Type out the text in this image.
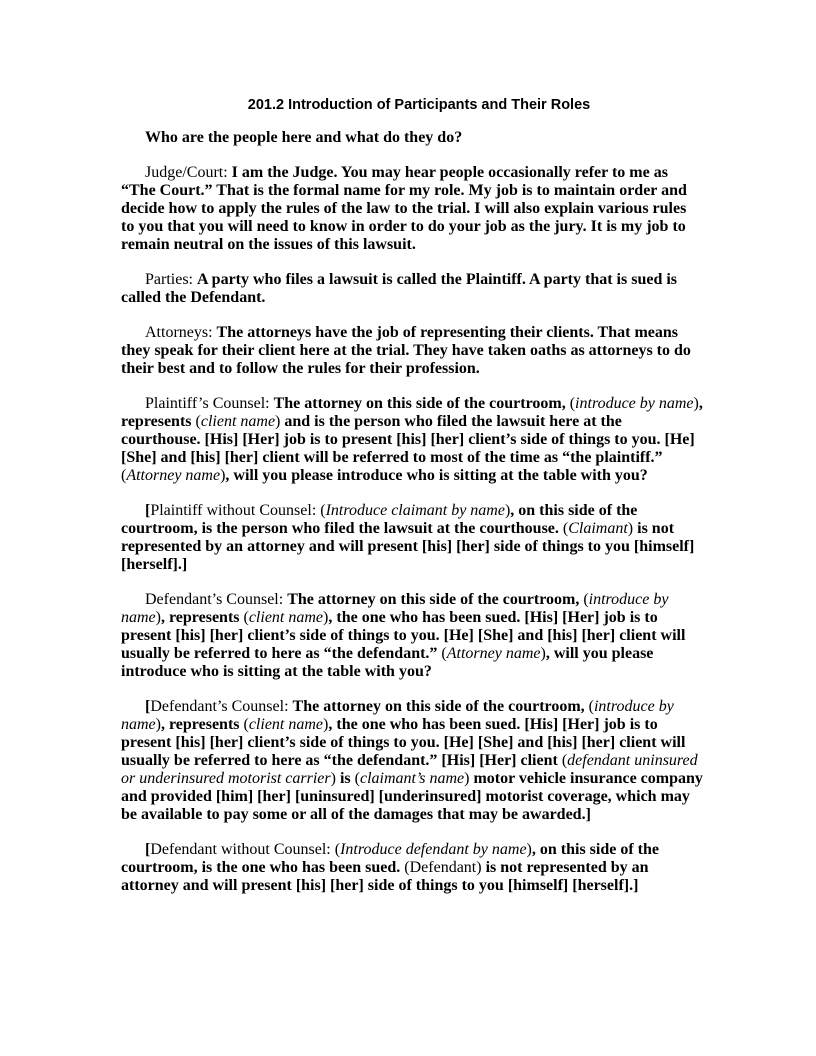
201.2 Introduction of Participants and Their Roles

Who are the people here and what do they do?

Judge/Court: I am the Judge. You may hear people occasionally refer to me as “The Court.” That is the formal name for my role. My job is to maintain order and decide how to apply the rules of the law to the trial. I will also explain various rules to you that you will need to know in order to do your job as the jury. It is my job to remain neutral on the issues of this lawsuit.

Parties: A party who files a lawsuit is called the Plaintiff. A party that is sued is called the Defendant.

Attorneys: The attorneys have the job of representing their clients. That means they speak for their client here at the trial. They have taken oaths as attorneys to do their best and to follow the rules for their profession.

Plaintiff’s Counsel: The attorney on this side of the courtroom, (introduce by name), represents (client name) and is the person who filed the lawsuit here at the courthouse. [His] [Her] job is to present [his] [her] client’s side of things to you. [He] [She] and [his] [her] client will be referred to most of the time as “the plaintiff.” (Attorney name), will you please introduce who is sitting at the table with you?

[Plaintiff without Counsel: (Introduce claimant by name), on this side of the courtroom, is the person who filed the lawsuit at the courthouse. (Claimant) is not represented by an attorney and will present [his] [her] side of things to you [himself] [herself].]

Defendant’s Counsel: The attorney on this side of the courtroom, (introduce by name), represents (client name), the one who has been sued. [His] [Her] job is to present [his] [her] client’s side of things to you. [He] [She] and [his] [her] client will usually be referred to here as “the defendant.” (Attorney name), will you please introduce who is sitting at the table with you?

[Defendant’s Counsel: The attorney on this side of the courtroom, (introduce by name), represents (client name), the one who has been sued. [His] [Her] job is to present [his] [her] client’s side of things to you. [He] [She] and [his] [her] client will usually be referred to here as “the defendant.” [His] [Her] client (defendant uninsured or underinsured motorist carrier) is (claimant’s name) motor vehicle insurance company and provided [him] [her] [uninsured] [underinsured] motorist coverage, which may be available to pay some or all of the damages that may be awarded.]

[Defendant without Counsel: (Introduce defendant by name), on this side of the courtroom, is the one who has been sued. (Defendant) is not represented by an attorney and will present [his] [her] side of things to you [himself] [herself].]
